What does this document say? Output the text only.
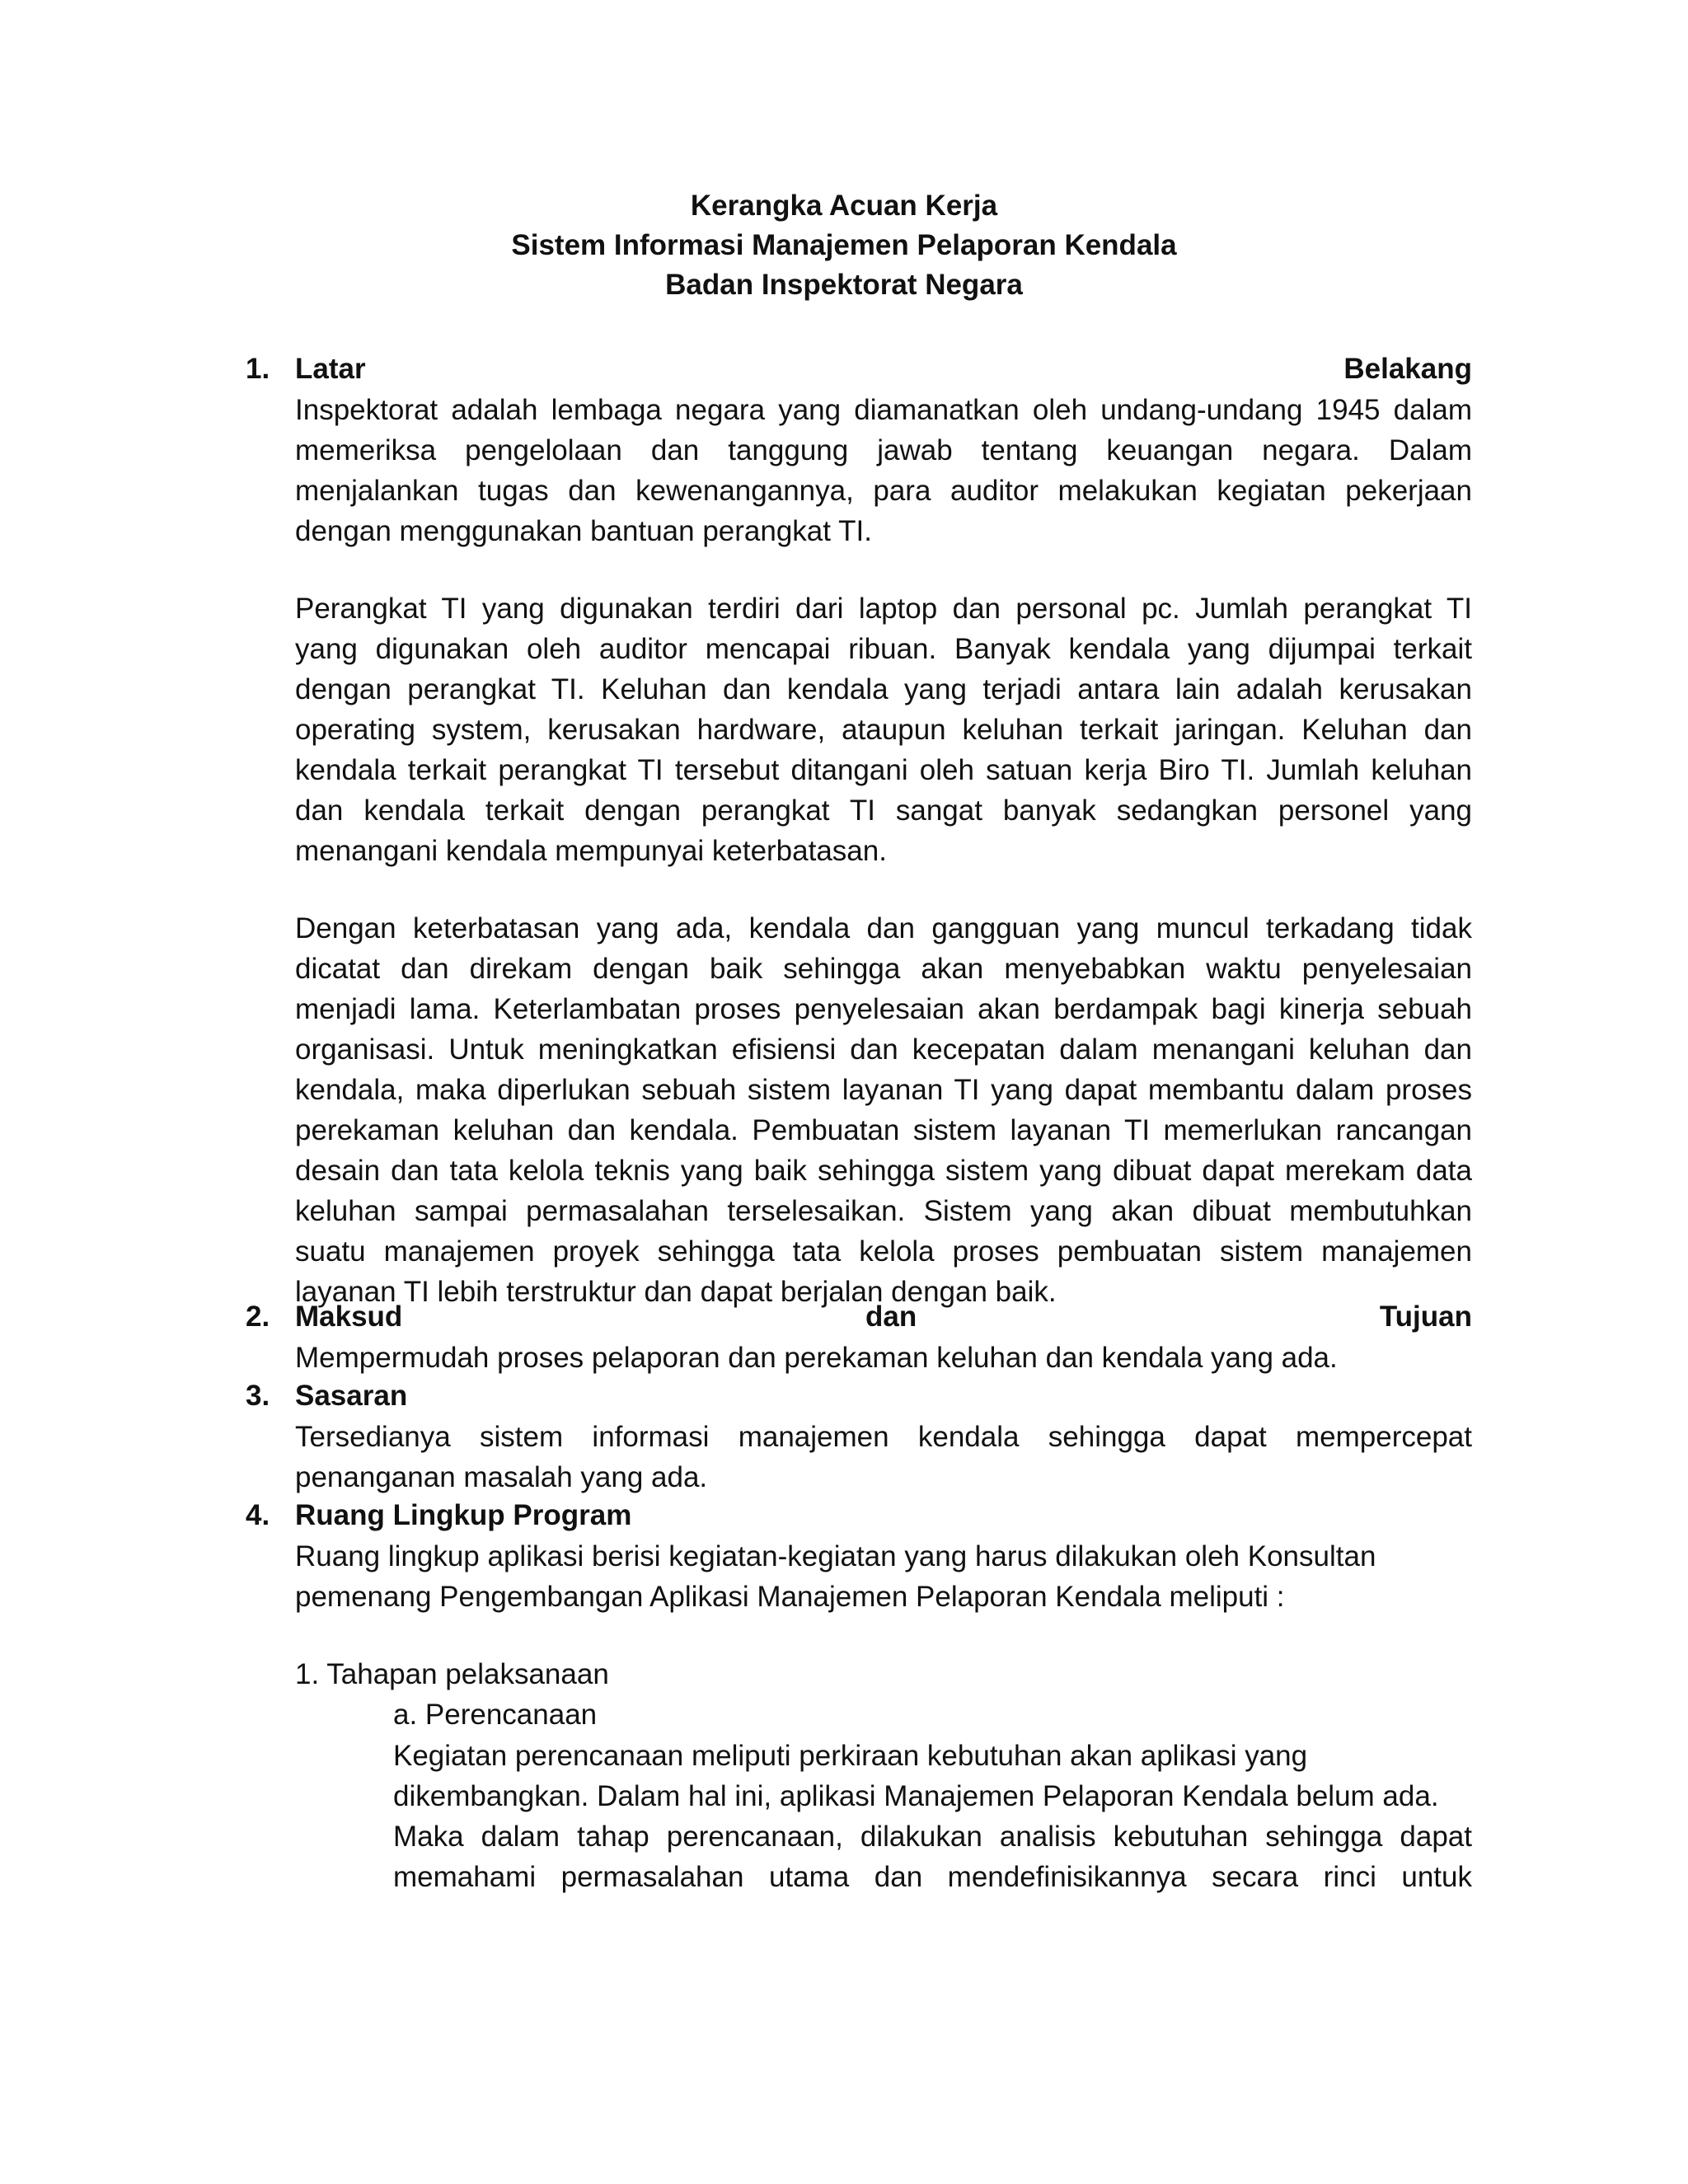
Kerangka Acuan Kerja
Sistem Informasi Manajemen Pelaporan Kendala
Badan Inspektorat Negara
1. Latar	Belakang
Inspektorat adalah lembaga negara yang diamanatkan oleh undang-undang 1945 dalam
memeriksa pengelolaan dan tanggung jawab tentang keuangan negara. Dalam
menjalankan tugas dan kewenangannya, para auditor melakukan kegiatan pekerjaan
dengan menggunakan bantuan perangkat TI.
Perangkat TI yang digunakan terdiri dari laptop dan personal pc. Jumlah perangkat TI
yang digunakan oleh auditor mencapai ribuan. Banyak kendala yang dijumpai terkait
dengan perangkat TI. Keluhan dan kendala yang terjadi antara lain adalah kerusakan
operating system, kerusakan hardware, ataupun keluhan terkait jaringan. Keluhan dan
kendala terkait perangkat TI tersebut ditangani oleh satuan kerja Biro TI. Jumlah keluhan
dan kendala terkait dengan perangkat TI sangat banyak sedangkan personel yang
menangani kendala mempunyai keterbatasan.
Dengan keterbatasan yang ada, kendala dan gangguan yang muncul terkadang tidak
dicatat dan direkam dengan baik sehingga akan menyebabkan waktu penyelesaian
menjadi lama. Keterlambatan proses penyelesaian akan berdampak bagi kinerja sebuah
organisasi. Untuk meningkatkan efisiensi dan kecepatan dalam menangani keluhan dan
kendala, maka diperlukan sebuah sistem layanan TI yang dapat membantu dalam proses
perekaman keluhan dan kendala. Pembuatan sistem layanan TI memerlukan rancangan
desain dan tata kelola teknis yang baik sehingga sistem yang dibuat dapat merekam data
keluhan sampai permasalahan terselesaikan. Sistem yang akan dibuat membutuhkan
suatu manajemen proyek sehingga tata kelola proses pembuatan sistem manajemen
layanan TI lebih terstruktur dan dapat berjalan dengan baik.
2. Maksud	dan	Tujuan
Mempermudah proses pelaporan dan perekaman keluhan dan kendala yang ada.
3. Sasaran
Tersedianya sistem informasi manajemen kendala sehingga dapat mempercepat
penanganan masalah yang ada.
4. Ruang Lingkup Program
Ruang lingkup aplikasi berisi kegiatan-kegiatan yang harus dilakukan oleh Konsultan
pemenang Pengembangan Aplikasi Manajemen Pelaporan Kendala meliputi :
1. Tahapan pelaksanaan
a. Perencanaan
Kegiatan perencanaan meliputi perkiraan kebutuhan akan aplikasi yang
dikembangkan. Dalam hal ini, aplikasi Manajemen Pelaporan Kendala belum ada.
Maka dalam tahap perencanaan, dilakukan analisis kebutuhan sehingga dapat
memahami permasalahan utama dan mendefinisikannya secara rinci untuk
